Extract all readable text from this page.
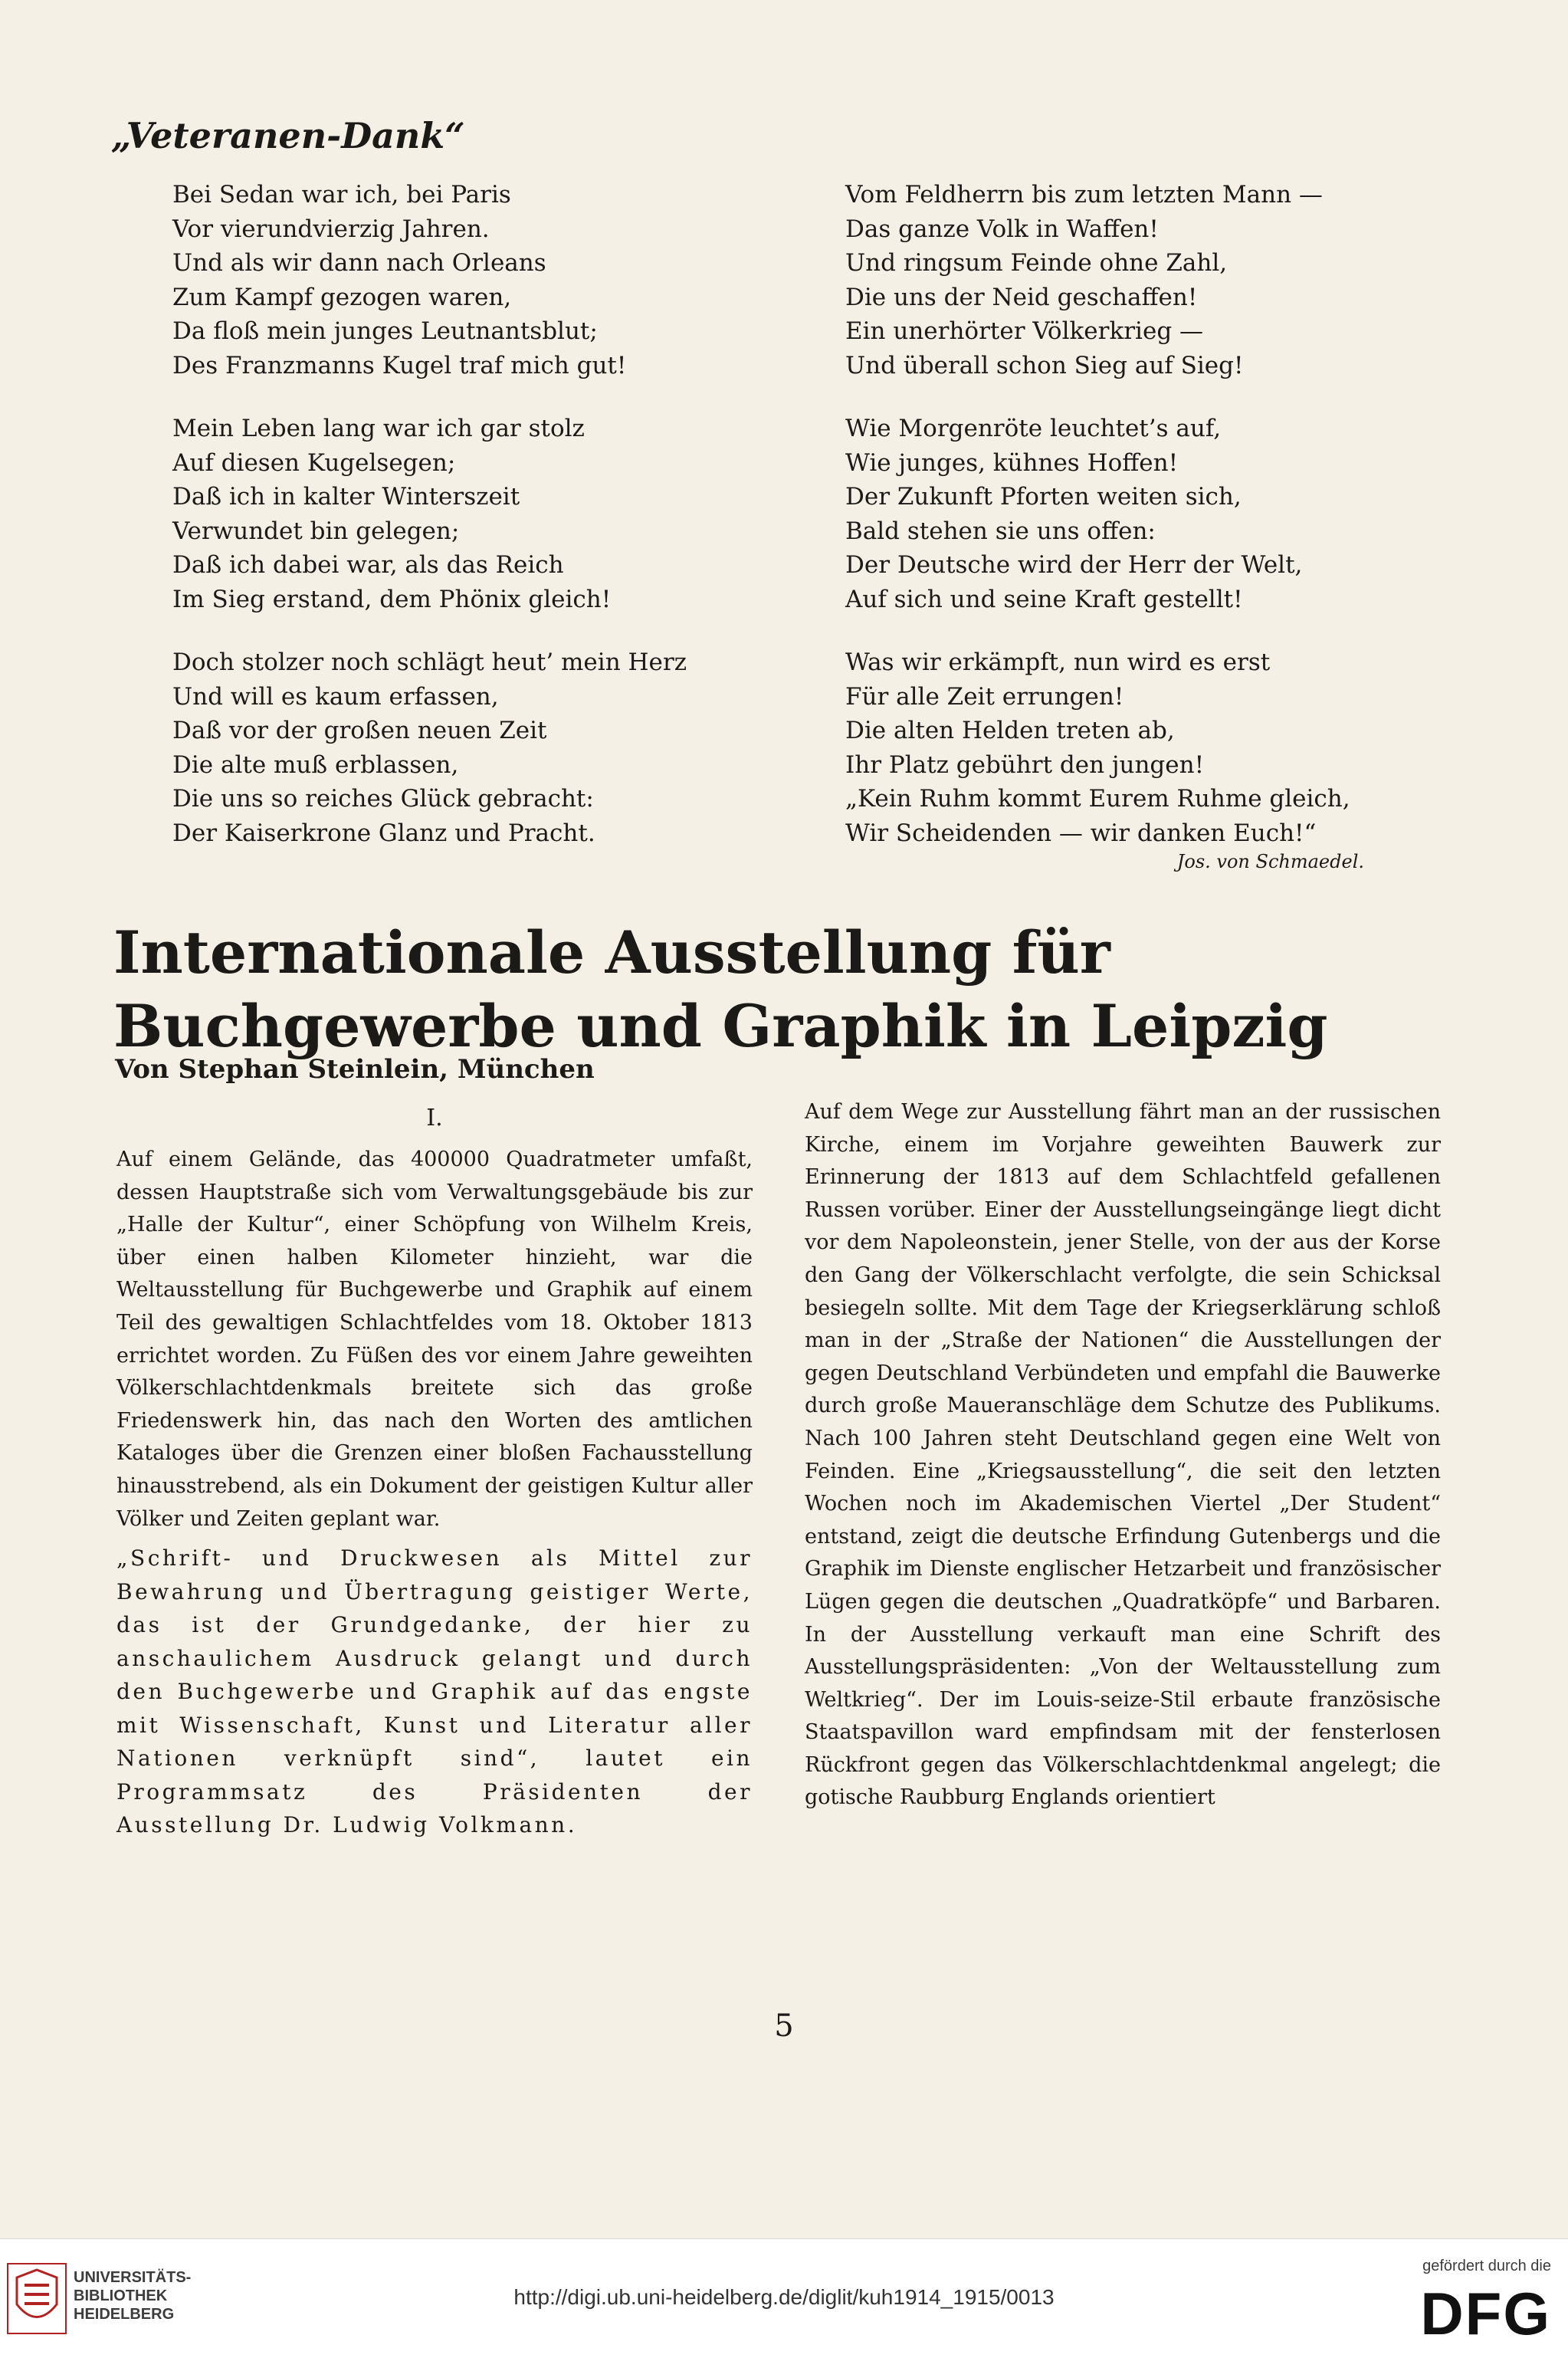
„Veteranen-Dank“
Bei Sedan war ich, bei Paris
Vor vierundvierzig Jahren.
Und als wir dann nach Orleans
Zum Kampf gezogen waren,
Da floß mein junges Leutnantsblut;
Des Franzmanns Kugel traf mich gut!
Mein Leben lang war ich gar stolz
Auf diesen Kugelsegen;
Daß ich in kalter Winterszeit
Verwundet bin gelegen;
Daß ich dabei war, als das Reich
Im Sieg erstand, dem Phönix gleich!
Doch stolzer noch schlägt heut’ mein Herz
Und will es kaum erfassen,
Daß vor der großen neuen Zeit
Die alte muß erblassen,
Die uns so reiches Glück gebracht:
Der Kaiserkrone Glanz und Pracht.
Vom Feldherrn bis zum letzten Mann —
Das ganze Volk in Waffen!
Und ringsum Feinde ohne Zahl,
Die uns der Neid geschaffen!
Ein unerhörter Völkerkrieg —
Und überall schon Sieg auf Sieg!
Wie Morgenröte leuchtet’s auf,
Wie junges, kühnes Hoffen!
Der Zukunft Pforten weiten sich,
Bald stehen sie uns offen:
Der Deutsche wird der Herr der Welt,
Auf sich und seine Kraft gestellt!
Was wir erkämpft, nun wird es erst
Für alle Zeit errungen!
Die alten Helden treten ab,
Ihr Platz gebührt den jungen!
„Kein Ruhm kommt Eurem Ruhme gleich,
Wir Scheidenden — wir danken Euch!“
Jos. von Schmaedel.
Internationale Ausstellung für Buchgewerbe und Graphik in Leipzig
Von Stephan Steinlein, München
I.

Auf einem Gelände, das 400000 Quadratmeter umfaßt, dessen Hauptstraße sich vom Verwaltungsgebäude bis zur „Halle der Kultur“, einer Schöpfung von Wilhelm Kreis, über einen halben Kilometer hinzieht, war die Weltausstellung für Buchgewerbe und Graphik auf einem Teil des gewaltigen Schlachtfeldes vom 18. Oktober 1813 errichtet worden. Zu Füßen des vor einem Jahre geweihten Völkerschlachtdenkmals breitete sich das große Friedenswerk hin, das nach den Worten des amtlichen Kataloges über die Grenzen einer bloßen Fachausstellung hinausstrebend, als ein Dokument der geistigen Kultur aller Völker und Zeiten geplant war.

„Schrift- und Druckwesen als Mittel zur Bewahrung und Übertragung geistiger Werte, das ist der Grundgedanke, der hier zu anschaulichem Ausdruck gelangt und durch den Buchgewerbe und Graphik auf das engste mit Wissenschaft, Kunst und Literatur aller Nationen verknüpft sind“, lautet ein Programmsatz des Präsidenten der Ausstellung Dr. Ludwig Volkmann.

Auf dem Wege zur Ausstellung fährt man an der russischen Kirche, einem im Vorjahre geweihten Bauwerk zur Erinnerung der 1813 auf dem Schlachtfeld gefallenen Russen vorüber. Einer der Ausstellungseingänge liegt dicht vor dem Napoleonstein, jener Stelle, von der aus der Korse den Gang der Völkerschlacht verfolgte, die sein Schicksal besiegeln sollte. Mit dem Tage der Kriegserklärung schloß man in der „Straße der Nationen“ die Ausstellungen der gegen Deutschland Verbündeten und empfahl die Bauwerke durch große Maueranschläge dem Schutze des Publikums. Nach 100 Jahren steht Deutschland gegen eine Welt von Feinden. Eine „Kriegsausstellung“, die seit den letzten Wochen noch im Akademischen Viertel „Der Student“ entstand, zeigt die deutsche Erfindung Gutenbergs und die Graphik im Dienste englischer Hetzarbeit und französischer Lügen gegen die deutschen „Quadratköpfe“ und Barbaren. In der Ausstellung verkauft man eine Schrift des Ausstellungspräsidenten: „Von der Weltausstellung zum Weltkrieg“. Der im Louis-seize-Stil erbaute französische Staatspavillon ward empfindsam mit der fensterlosen Rückfront gegen das Völkerschlachtdenkmal angelegt; die gotische Raubburg Englands orientiert

5
UNIVERSITÄTS-
BIBLIOTHEK
HEIDELBERG
http://digi.ub.uni-heidelberg.de/diglit/kuh1914_1915/0013
gefördert durch die
DFG
